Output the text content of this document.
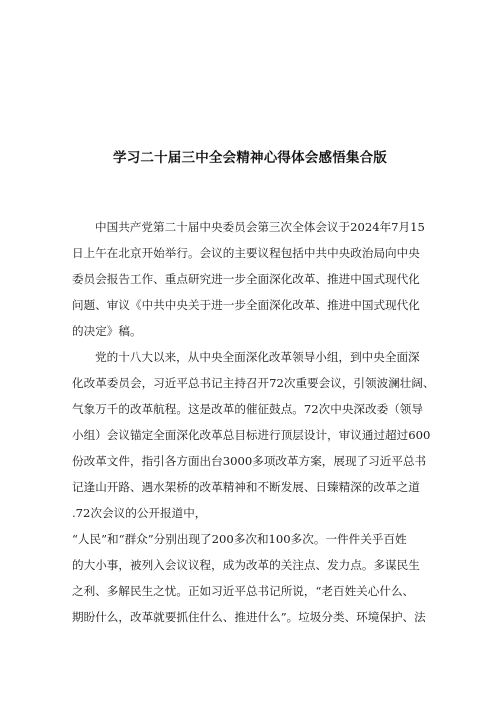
学习二十届三中全会精神心得体会感悟集合版
中国共产党第二十届中央委员会第三次全体会议于2024年7月15
日上午在北京开始举行。会议的主要议程包括中共中央政治局向中央
委员会报告工作、重点研究进一步全面深化改革、推进中国式现代化
问题、审议《中共中央关于进一步全面深化改革、推进中国式现代化
的决定》稿。
党的十八大以来，从中央全面深化改革领导小组，到中央全面深
化改革委员会，习近平总书记主持召开72次重要会议，引领波澜壮阔、
气象万千的改革航程。这是改革的催征鼓点。72次中央深改委（领导
小组）会议锚定全面深化改革总目标进行顶层设计，审议通过超过600
份改革文件，指引各方面出台3000多项改革方案，展现了习近平总书
记逢山开路、遇水架桥的改革精神和不断发展、日臻精深的改革之道
.72次会议的公开报道中，
“人民”和“群众”分别出现了200多次和100多次。一件件关乎百姓
的大小事，被列入会议议程，成为改革的关注点、发力点。多谋民生
之利、多解民生之忧。正如习近平总书记所说，“老百姓关心什么、
期盼什么，改革就要抓住什么、推进什么”。垃圾分类、环境保护、法
